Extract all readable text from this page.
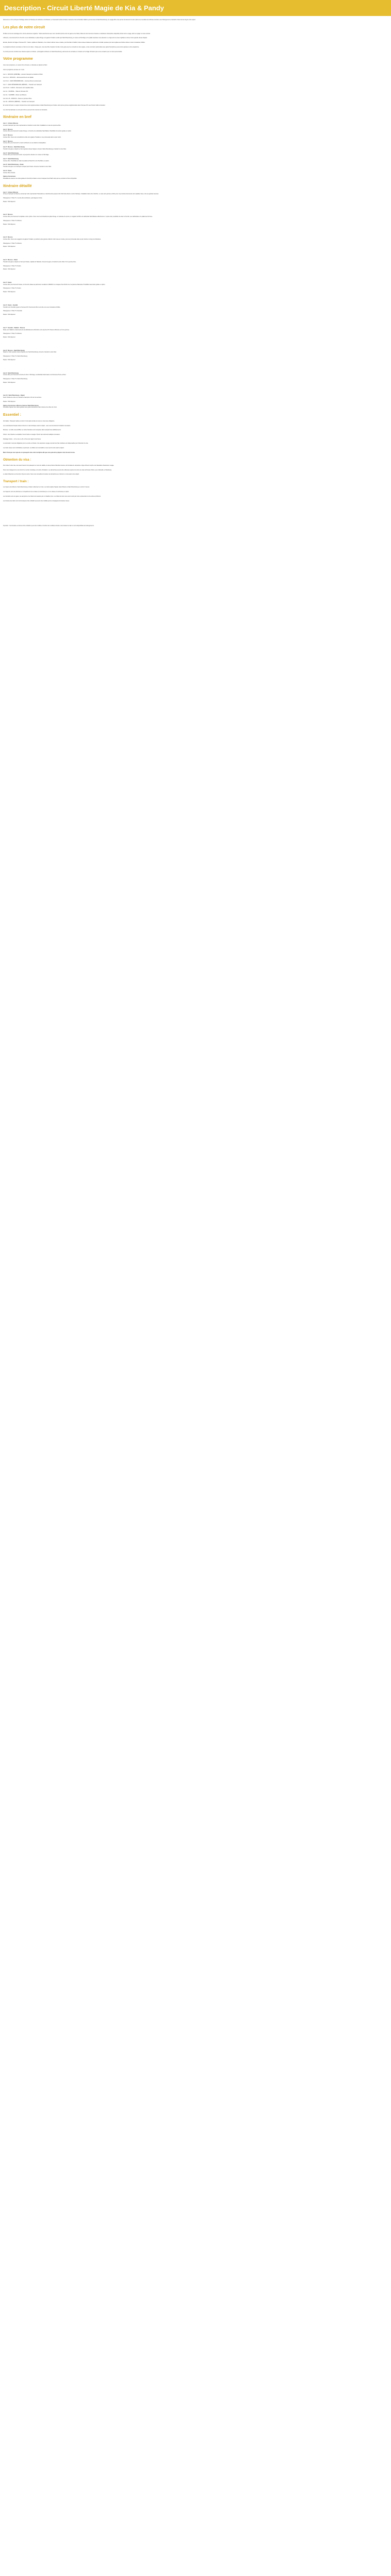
Description - Circuit Liberté Magie de Kia & Pandy

Découvrez en 16 ou 20 jours l'héritage culturel et historique de la Russie et de Moscou, en traversant la ville de Kazan, l'ancienne cité de Souzdal, Vladimir, puis la route de Saint-Pétersbourg. Ce voyage libre vous permet de découvrir à votre rythme les merveilles de la Russie éternelle, avec hébergement et transferts inclus tout au long de votre séjour.

Les plus de notre circuit

Profitez de tous les avantages d'un circuit entièrement organisé : hôtels sélectionnés avec soin, transferts privés entre les gares et les hôtels, billets de train réservés à l'avance et assistance francophone disponible durant tout le voyage, afin de voyager en toute sérénité.

A Moscou, vous découvrirez le Kremlin et ses cathédrales, la place Rouge et la galerie Tretiakov, tandis qu'à Saint-Pétersbourg, le musée de l'Ermitage et les palais impériaux vous attendent. Le trajet entre les deux capitales se fait en train à grande vitesse Sapsan.

Ensuite, direction la Volga et l'Anneau d'Or : Kazan, capitale du Tatarstan, où se mêlent cultures russe et tatare, puis Souzdal et Vladimir, villes-musées classées au patrimoine mondial, réputées pour leurs églises aux bulbes colorés et leurs monastères fortifiés.

Ce programme liberté vous laisse le choix de vos visites : chaque jour, vous êtes libre d'explorer la ville à votre guise avec les conseils de notre équipe, et des excursions optionnelles avec guide francophone peuvent être ajoutées à votre programme.

Ce circuit peut être combiné avec d'autres séjours en Russie : prolongation à Moscou ou Saint-Pétersbourg, découverte de la Carélie ou croisière sur la Volga. N'hésitez pas à nous contacter pour un devis personnalisé.

Votre programme

Vous nous proposons, en version 16 ou 20 jours, un itinéraire au départ de Paris :

Voici le programme de base de 7 nuits :

Jour 1 – MOSCOU (ARRIVÉE) – Accueil à l'aéroport et transfert à l'hôtel
Jour 2 à 4 – MOSCOU – Découverte libre de la capitale
Jour 5 à 6 – SAINT-PÉTERSBOURG – Journées libres de découverte
Jour 7 – SAINT-PÉTERSBOURG (DÉPART) – Transfert vers l'aéroport
Jour 8 à 10 – KAZAN – Découverte de la capitale tatare
Jour 11 – SOUZDAL – Villes de l'Anneau d'Or
Jour 12 – VLADIMIR – Route vers Moscou
Jour 13 à 15 – MOSCOU – Retour et journées libres
Jour 16 – MOSCOU (DÉPART) – Transfert vers l'aéroport

En version 20 jours, le séjour comprend des nuits supplémentaires à Saint-Pétersbourg et à Kazan, ainsi qu'une journée supplémentaire dans l'Anneau d'Or avec Rostov Veliki et Iaroslavl.

Les vols internationaux ne sont pas inclus et peuvent être réservés sur demande.

Itinéraire en bref

Jour 1 : Arrivée à Moscou

Accueil à l'aéroport par notre représentant et transfert à votre hôtel. Installation et reste de la journée libre.

Jour 2 : Moscou

Journée libre pour découvrir la place Rouge, le Kremlin et la cathédrale Saint-Basile. Possibilité d'excursion guidée en option.

Jour 3 : Moscou

Journée libre. Nous vous conseillons la visite de la galerie Tretiakov et une promenade dans le parc Gorki.

Jour 4 : Moscou

Journée libre pour découvrir le métro de Moscou et ses stations remarquables.

Jour 5 : Moscou – Saint-Pétersbourg

Transfert à la gare et départ en train à grande vitesse Sapsan. Accueil à Saint-Pétersbourg et transfert à votre hôtel.

Jour 6 : Saint-Pétersbourg

Journée libre pour découvrir la ville, la perspective Nevski et le musée de l'Ermitage.

Jour 7 : Saint-Pétersbourg

Journée libre. Possibilité de visiter les palais de Peterhof ou de Pouchkine en option.

Jour 8 : Saint-Pétersbourg – Kazan

Transfert à la gare ou à l'aéroport et départ pour Kazan. Accueil et transfert à votre hôtel.

Jour 9 : Kazan

Journée libre à Kazan.

Options d'excursions

Possibilité de réserver une visite guidée du Kremlin de Kazan et de la mosquée Koul-Charif, ainsi qu'une excursion à l'île de Sviyazhsk.

Itinéraire détaillé

Jour 1 : Arrivée à Moscou

Arrivée à l'aéroport de Moscou, accueil par notre représentant francophone et transfert privé jusqu'à votre hôtel situé dans le centre historique. Installation dans votre chambre. Le reste de la journée est libre pour une première découverte de la capitale russe et de ses grandes avenues.

Hébergement : Hôtel 4* en centre-ville de Moscou, petit déjeuner inclus.

Repas : Petit déjeuner.

Jour 2 : Moscou

Journée libre pour découvrir la capitale à votre rythme. Nous vous recommandons la place Rouge, le mausolée de Lénine, le magasin GOUM et la cathédrale Saint-Basile-le-Bienheureux. L'après-midi, possibilité de visiter le Kremlin, ses cathédrales et le palais des Armures.

Hébergement : Hôtel 4* à Moscou.

Repas : Petit déjeuner.

Jour 3 : Moscou

Journée libre. Nous vous suggérons la galerie Tretiakov, qui abrite la plus grande collection d'art russe au monde, puis une promenade dans le parc Gorki et le long de la Moskova.

Hébergement : Hôtel 4* à Moscou.

Repas : Petit déjeuner.

Jour 4 : Moscou – Kazan

Transfert à la gare et départ en train pour Kazan, capitale du Tatarstan. Accueil à la gare et transfert à votre hôtel. Fin de journée libre.

Hébergement : Hôtel 4* à Kazan.

Repas : Petit déjeuner.

Jour 5 : Kazan

Journée libre pour découvrir Kazan, son Kremlin classé au patrimoine mondial de l'UNESCO, la mosquée Koul-Charif et la rue piétonne Baumana. Possibilité d'excursion guidée en option.

Hébergement : Hôtel 4* à Kazan.

Repas : Petit déjeuner.

Jour 6 : Kazan – Souzdal

Transfert vers Souzdal, joyau de l'Anneau d'Or. Découverte libre de la ville et de ses monastères fortifiés.

Hébergement : Hôtel 4* à Souzdal.

Repas : Petit déjeuner.

Jour 7 : Souzdal – Vladimir – Moscou

Route vers Vladimir et découverte de la cathédrale de la Dormition et de la porte d'Or. Retour à Moscou en fin de journée.

Hébergement : Hôtel 4* à Moscou.

Repas : Petit déjeuner.

Jour 8 : Moscou – Saint-Pétersbourg

Départ en train à grande vitesse Sapsan pour Saint-Pétersbourg. Accueil et transfert à votre hôtel.

Hébergement : Hôtel 4* à Saint-Pétersbourg.

Repas : Petit déjeuner.

Jour 9 : Saint-Pétersbourg

Journée libre pour découvrir la Venise du Nord : l'Ermitage, la cathédrale Saint-Isaac et la forteresse Pierre-et-Paul.

Hébergement : Hôtel 4* à Saint-Pétersbourg.

Repas : Petit déjeuner.

Jour 10 : Saint-Pétersbourg – Départ

Selon l'horaire de votre vol, transfert à l'aéroport et fin de nos services.

Repas : Petit déjeuner.

Options d'excursions à Moscou, Kazan et Saint-Pétersbourg

Possibilité d'ajouter des visites guidées avec guide francophone dans chacune des villes du circuit.

Essentiel :

Formalités : Passeport valide au moins 6 mois après la date de retour et visa russe obligatoire.

Les ressortissants français doivent obtenir un visa touristique avant le départ ; nous vous fournissons l'invitation nécessaire.

Monnaie : le rouble russe (RUB). Les cartes bancaires sont acceptées dans la plupart des établissements.

Climat : étés chauds et ensoleillés, hivers froids et enneigés. Prévoir des vêtements adaptés à la saison.

Décalage horaire : +1h en été et +2h en hiver par rapport à la France.

La vaccination n'est pas obligatoire pour se rendre en Russie. Une assurance voyage couvrant les frais médicaux est indispensable pour l'obtention du visa.

Les trains russes sont confortables et ponctuels ; les billets sont nominatifs et vous seront remis avant le départ.

Merci d'envoyer une copie de vos passeports dès votre inscription afin que nous puissions préparer votre dossier de visa.

Obtention du visa :

Pour obtenir votre visa, vous aurez besoin d'un passeport en cours de validité, de deux photos d'identité récentes, du formulaire de demande en ligne dûment rempli et de l'attestation d'assurance voyage.

Nous nous chargeons de vous fournir le voucher touristique et la lettre d'invitation. Les démarches peuvent être effectuées auprès du centre de visas de Russie à Paris, Lyon, Marseille ou Strasbourg.

Le délai d'obtention est d'environ 10 jours ouvrés. Nous vous conseillons d'entamer les démarches au minimum un mois avant votre départ.

Transport / train :

Les trajets entre Moscou, Saint-Pétersbourg et Kazan s'effectuent en train. Les trains rapides Sapsan relient Moscou à Saint-Pétersbourg en environ 4 heures.

Les trajets de nuit sont effectués en compartiment de 2e classe (4 couchettes) ou en 1re classe (2 couchettes) en option.

Les transferts entre les gares, les aéroports et les hôtels sont assurés par un chauffeur privé. Les billets de train vous seront remis par notre représentant à votre arrivée à Moscou.

Les horaires des trains sont communiqués à titre indicatif et peuvent être modifiés par les compagnies ferroviaires russes.

Important : Cet itinéraire est donné à titre indicatif et peut être modifié en fonction des conditions locales, des horaires de train ou de la disponibilité des hébergements.
